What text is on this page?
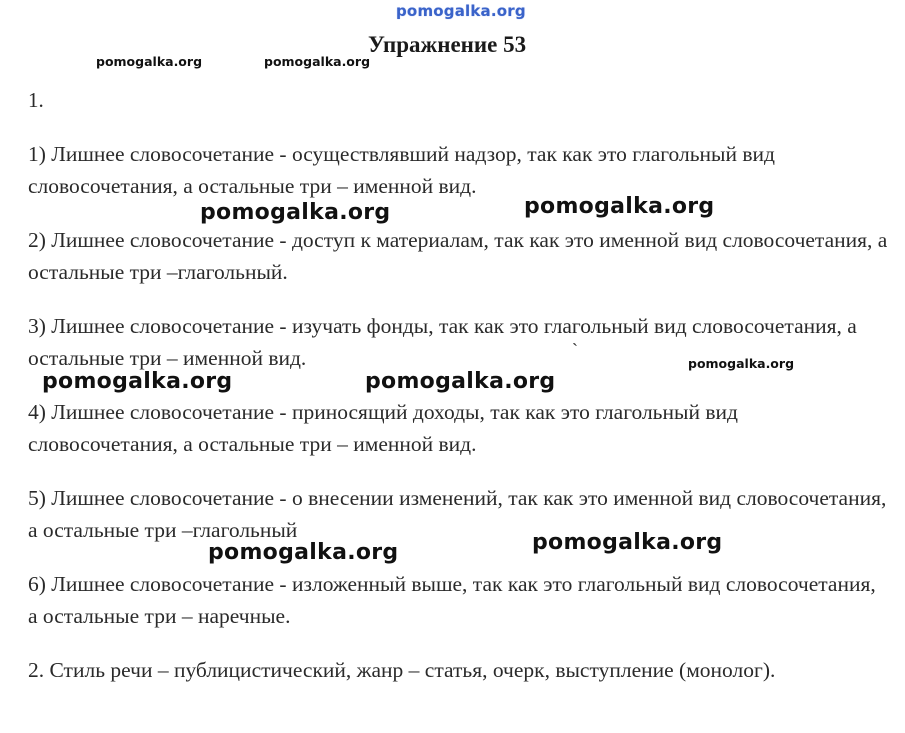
pomogalka.org
pomogalka.org	pomogalka.org
Упражнение 53
1.

1) Лишнее словосочетание - осуществлявший надзор, так как это глагольный вид словосочетания, а остальные три – именной вид.

2) Лишнее словосочетание - доступ к материалам, так как это именной вид словосочетания, а остальные три –глагольный.

3) Лишнее словосочетание - изучать фонды, так как это глагольный вид словосочетания, а остальные три – именной вид.

4) Лишнее словосочетание - приносящий доходы, так как это глагольный вид словосочетания, а остальные три – именной вид.

5) Лишнее словосочетание - о внесении изменений, так как это именной вид словосочетания, а остальные три –глагольный

6) Лишнее словосочетание - изложенный выше, так как это глагольный вид словосочетания, а остальные три – наречные.

2. Стиль речи – публицистический, жанр – статья, очерк, выступление (монолог).

`
pomogalka.org	pomogalka.org
pomogalka.org	pomogalka.org
pomogalka.org
pomogalka.org	pomogalka.org
